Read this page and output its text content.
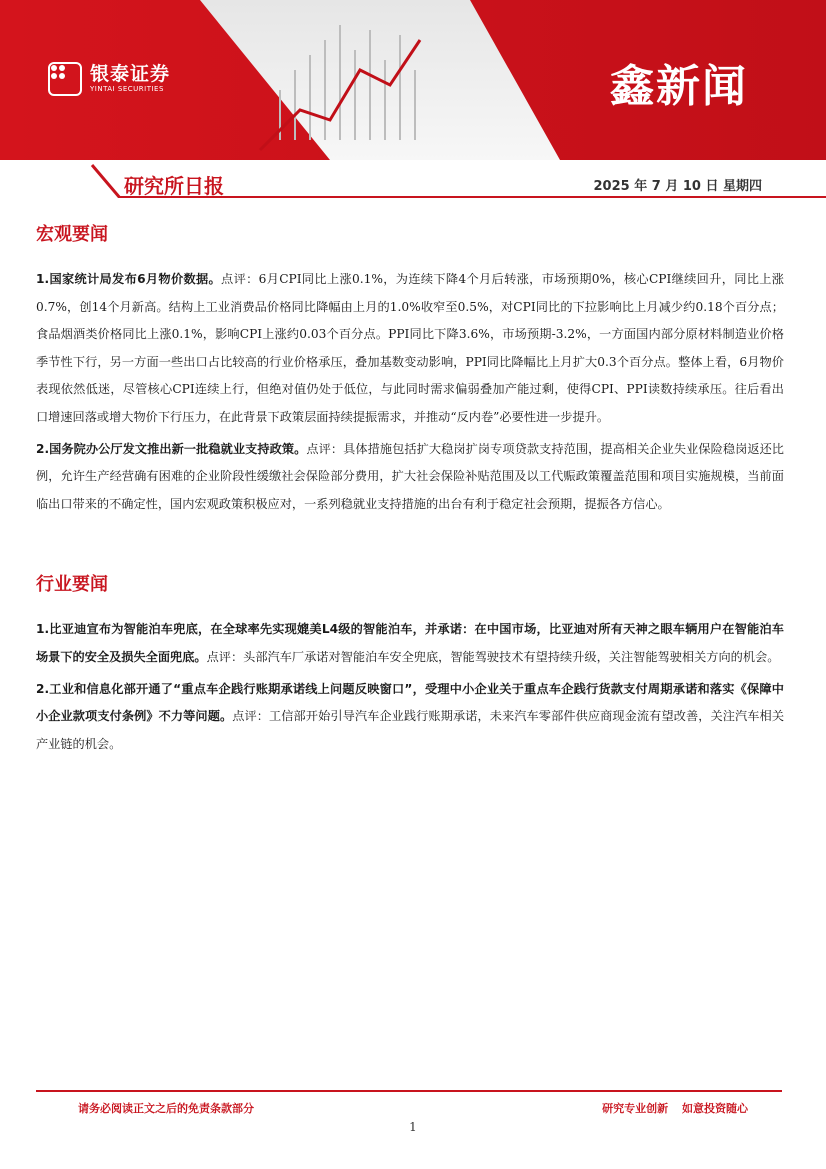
银泰证券
YINTAI SECURITIES	鑫新闻
研究所日报	2025 年 7 月 10 日 星期四
宏观要闻

1.国家统计局发布6月物价数据。点评：6月CPI同比上涨0.1%，为连续下降4个月后转涨，市场预期0%，核心CPI继续回升，同比上涨0.7%，创14个月新高。结构上工业消费品价格同比降幅由上月的1.0%收窄至0.5%，对CPI同比的下拉影响比上月减少约0.18个百分点；食品烟酒类价格同比上涨0.1%，影响CPI上涨约0.03个百分点。PPI同比下降3.6%，市场预期-3.2%，一方面国内部分原材料制造业价格季节性下行，另一方面一些出口占比较高的行业价格承压，叠加基数变动影响，PPI同比降幅比上月扩大0.3个百分点。整体上看，6月物价表现依然低迷，尽管核心CPI连续上行，但绝对值仍处于低位，与此同时需求偏弱叠加产能过剩，使得CPI、PPI读数持续承压。往后看出口增速回落或增大物价下行压力，在此背景下政策层面持续提振需求，并推动“反内卷”必要性进一步提升。

2.国务院办公厅发文推出新一批稳就业支持政策。点评：具体措施包括扩大稳岗扩岗专项贷款支持范围，提高相关企业失业保险稳岗返还比例，允许生产经营确有困难的企业阶段性缓缴社会保险部分费用，扩大社会保险补贴范围及以工代赈政策覆盖范围和项目实施规模，当前面临出口带来的不确定性，国内宏观政策积极应对，一系列稳就业支持措施的出台有利于稳定社会预期，提振各方信心。

行业要闻

1.比亚迪宣布为智能泊车兜底，在全球率先实现媲美L4级的智能泊车，并承诺：在中国市场，比亚迪对所有天神之眼车辆用户在智能泊车场景下的安全及损失全面兜底。点评：头部汽车厂承诺对智能泊车安全兜底，智能驾驶技术有望持续升级，关注智能驾驶相关方向的机会。

2.工业和信息化部开通了“重点车企践行账期承诺线上问题反映窗口”，受理中小企业关于重点车企践行货款支付周期承诺和落实《保障中小企业款项支付条例》不力等问题。点评：工信部开始引导汽车企业践行账期承诺，未来汽车零部件供应商现金流有望改善，关注汽车相关产业链的机会。

请务必阅读正文之后的免责条款部分	研究专业创新 如意投资随心
1
